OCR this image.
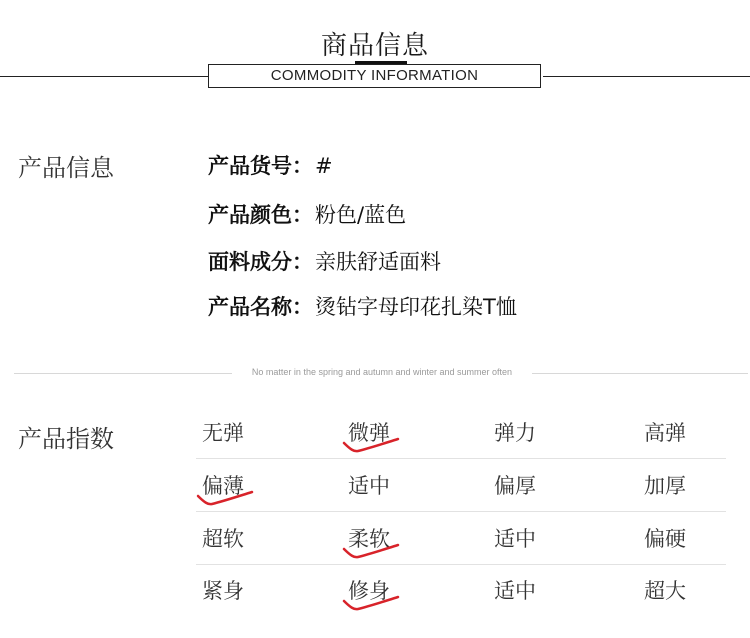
商品信息
COMMODITY INFORMATION
产品信息	产品货号：#
产品颜色：粉色/蓝色
面料成分：亲肤舒适面料
产品名称：烫钻字母印花扎染T恤
No matter in the spring and autumn and winter and summer often
产品指数	无弹	微弹	弹力	高弹
偏薄	适中	偏厚	加厚
超软	柔软	适中	偏硬
紧身	修身	适中	超大
